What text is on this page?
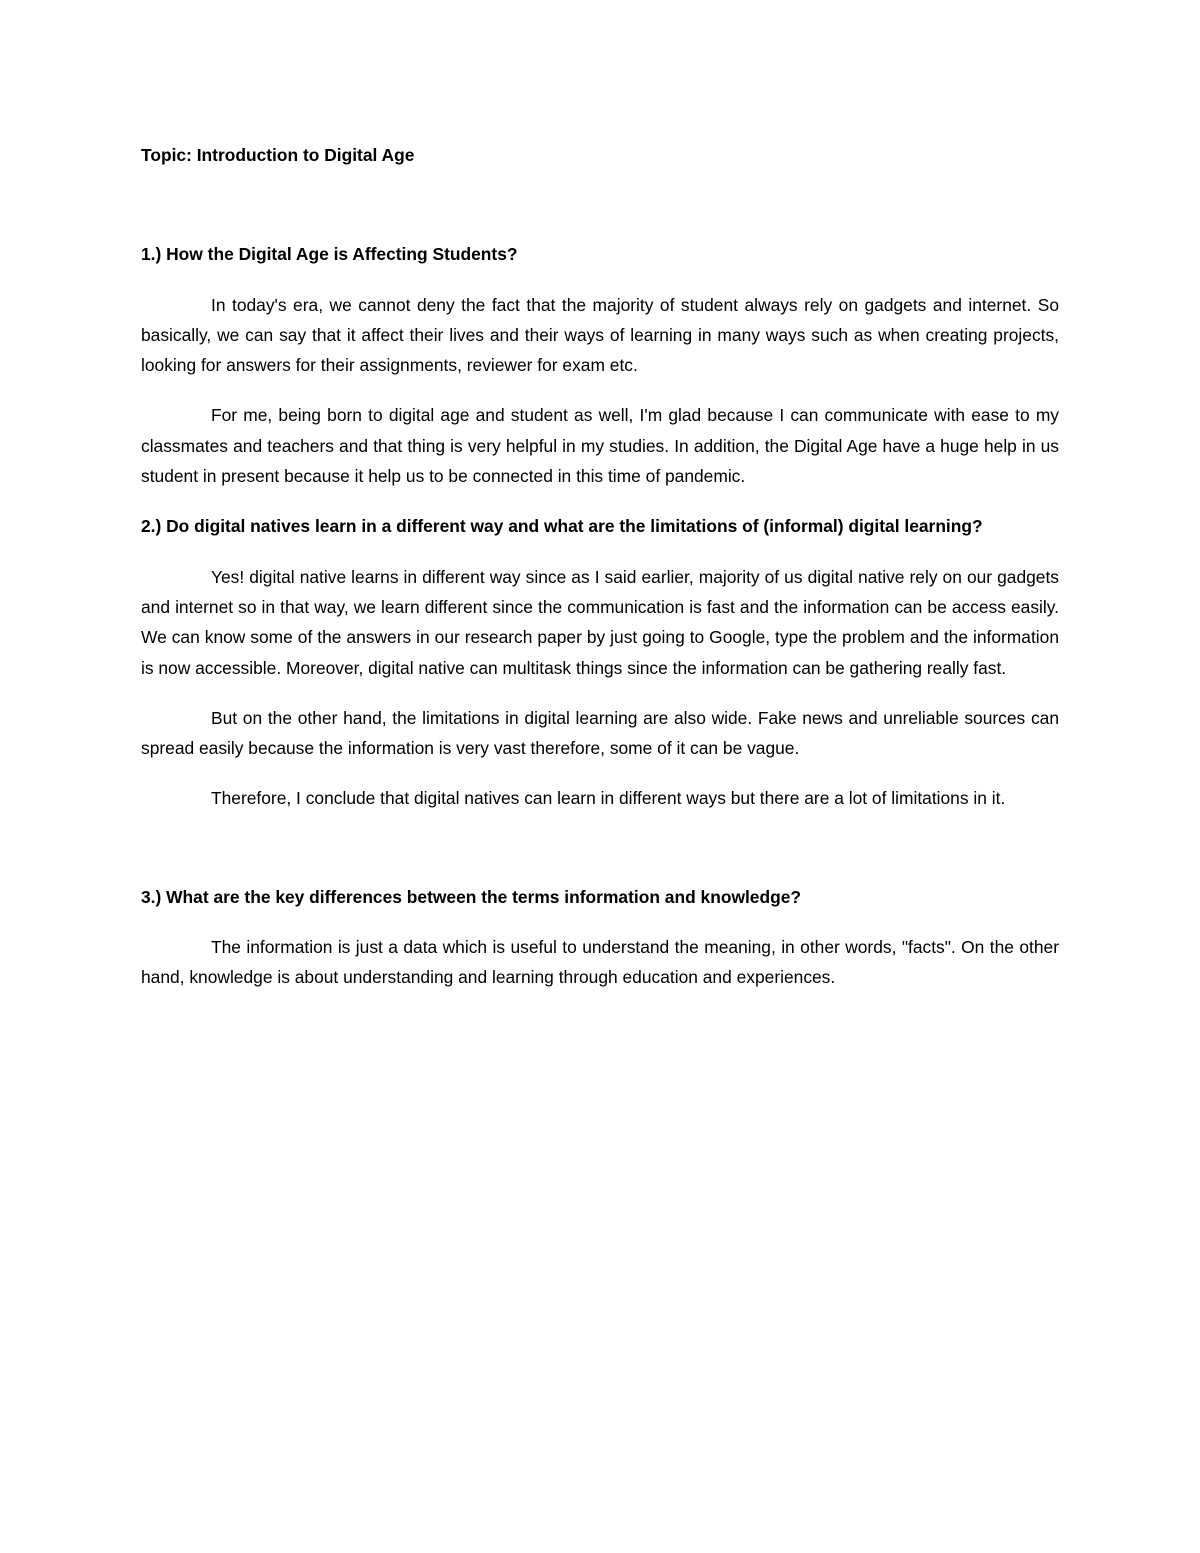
Topic: Introduction to Digital Age

1.) How the Digital Age is Affecting Students?

In today's era, we cannot deny the fact that the majority of student always rely on gadgets and internet. So basically, we can say that it affect their lives and their ways of learning in many ways such as when creating projects, looking for answers for their assignments, reviewer for exam etc.

For me, being born to digital age and student as well, I'm glad because I can communicate with ease to my classmates and teachers and that thing is very helpful in my studies. In addition, the Digital Age have a huge help in us student in present because it help us to be connected in this time of pandemic.

2.) Do digital natives learn in a different way and what are the limitations of (informal) digital learning?

Yes! digital native learns in different way since as I said earlier, majority of us digital native rely on our gadgets and internet so in that way, we learn different since the communication is fast and the information can be access easily. We can know some of the answers in our research paper by just going to Google, type the problem and the information is now accessible. Moreover, digital native can multitask things since the information can be gathering really fast.

But on the other hand, the limitations in digital learning are also wide. Fake news and unreliable sources can spread easily because the information is very vast therefore, some of it can be vague.

Therefore, I conclude that digital natives can learn in different ways but there are a lot of limitations in it.

3.) What are the key differences between the terms information and knowledge?

The information is just a data which is useful to understand the meaning, in other words, "facts". On the other hand, knowledge is about understanding and learning through education and experiences.
